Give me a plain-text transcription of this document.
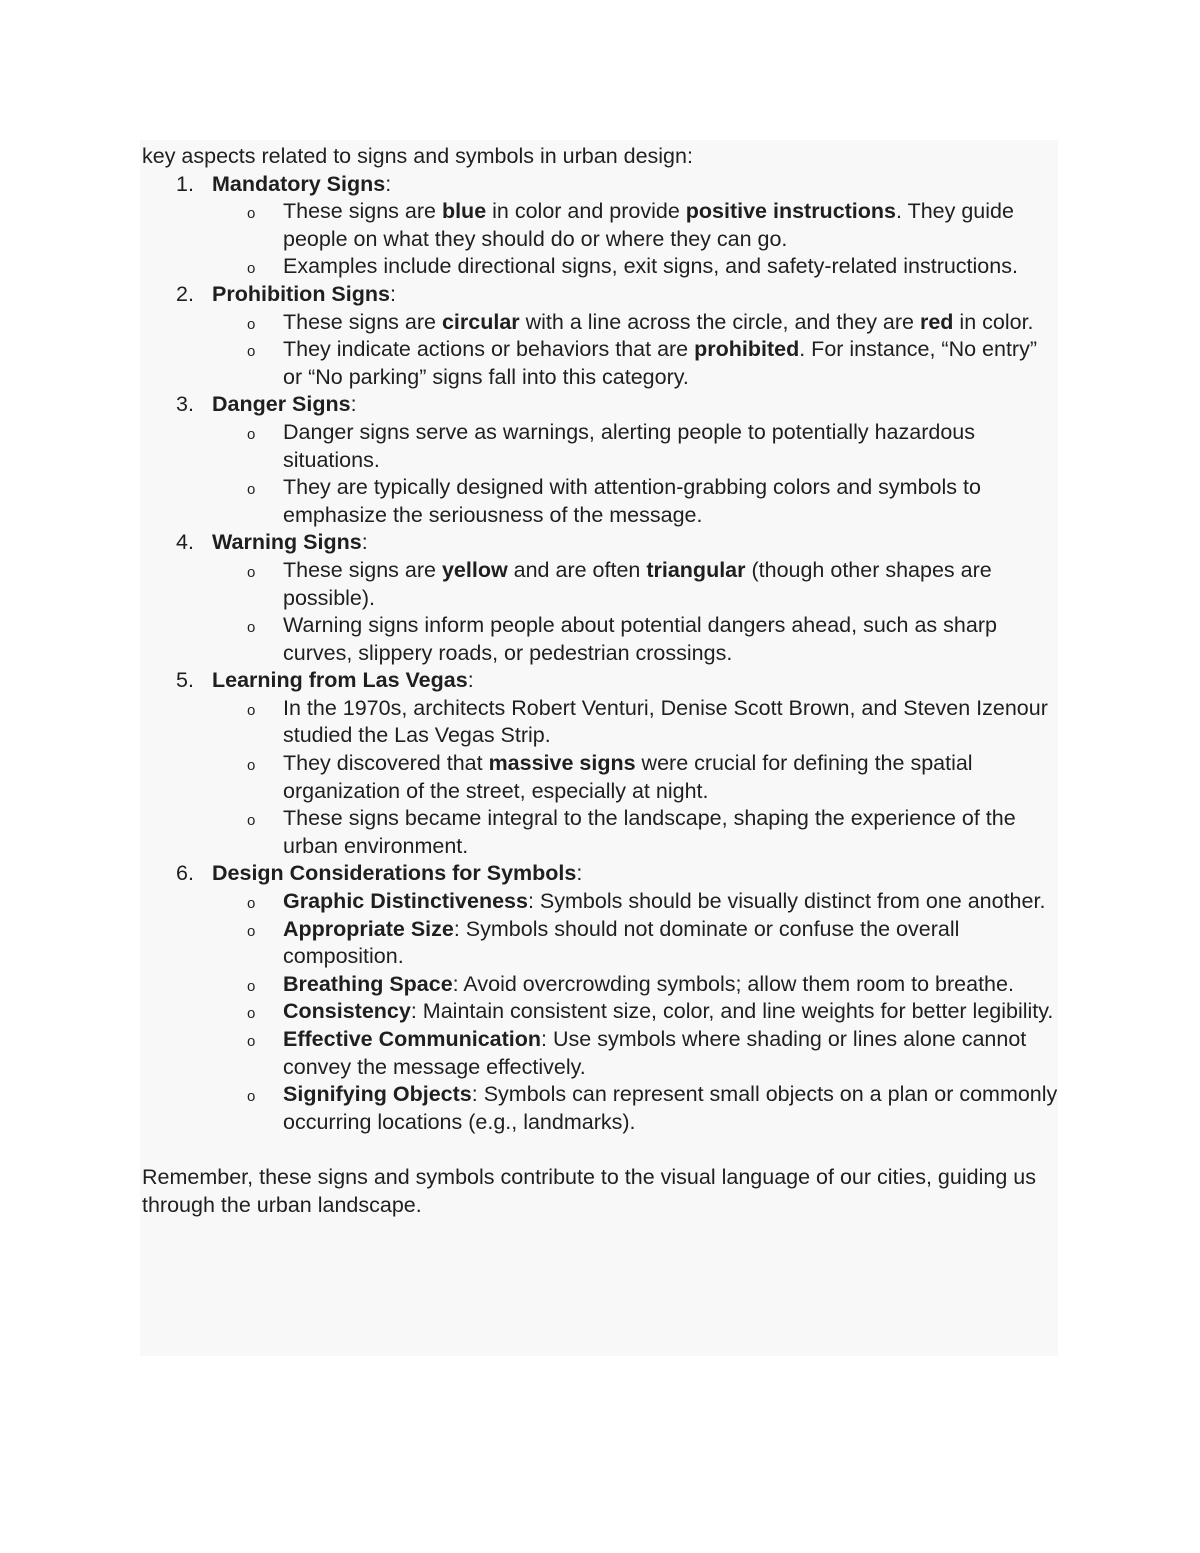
key aspects related to signs and symbols in urban design:

1. Mandatory Signs:
o These signs are blue in color and provide positive instructions. They guide people on what they should do or where they can go.
o Examples include directional signs, exit signs, and safety-related instructions.
2. Prohibition Signs:
o These signs are circular with a line across the circle, and they are red in color.
o They indicate actions or behaviors that are prohibited. For instance, “No entry” or “No parking” signs fall into this category.
3. Danger Signs:
o Danger signs serve as warnings, alerting people to potentially hazardous situations.
o They are typically designed with attention-grabbing colors and symbols to emphasize the seriousness of the message.
4. Warning Signs:
o These signs are yellow and are often triangular (though other shapes are possible).
o Warning signs inform people about potential dangers ahead, such as sharp curves, slippery roads, or pedestrian crossings.
5. Learning from Las Vegas:
o In the 1970s, architects Robert Venturi, Denise Scott Brown, and Steven Izenour studied the Las Vegas Strip.
o They discovered that massive signs were crucial for defining the spatial organization of the street, especially at night.
o These signs became integral to the landscape, shaping the experience of the urban environment.
6. Design Considerations for Symbols:
o Graphic Distinctiveness: Symbols should be visually distinct from one another.
o Appropriate Size: Symbols should not dominate or confuse the overall composition.
o Breathing Space: Avoid overcrowding symbols; allow them room to breathe.
o Consistency: Maintain consistent size, color, and line weights for better legibility.
o Effective Communication: Use symbols where shading or lines alone cannot convey the message effectively.
o Signifying Objects: Symbols can represent small objects on a plan or commonly occurring locations (e.g., landmarks).

Remember, these signs and symbols contribute to the visual language of our cities, guiding us through the urban landscape.
